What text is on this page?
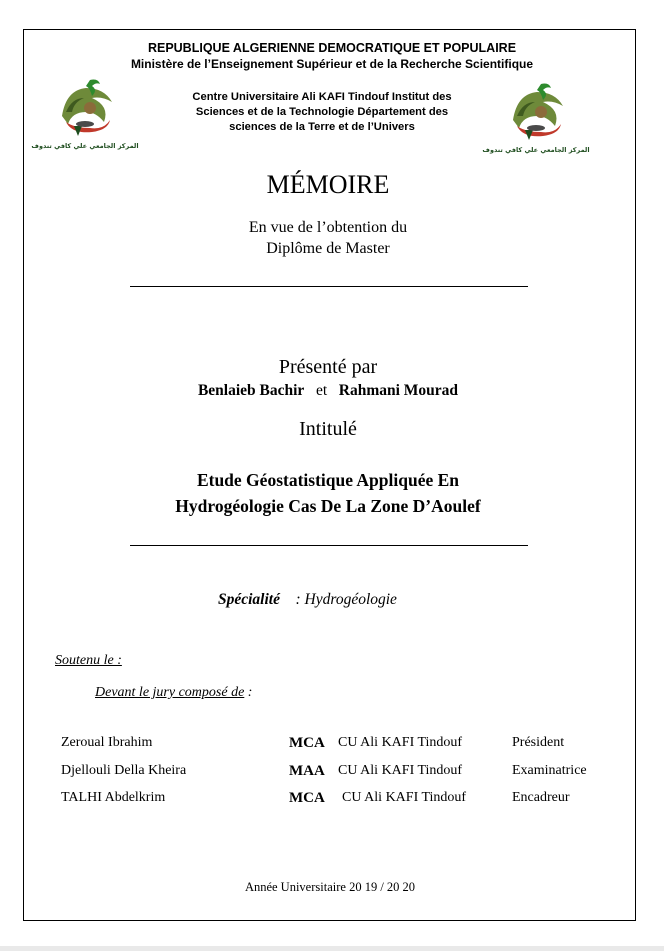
REPUBLIQUE ALGERIENNE DEMOCRATIQUE ET POPULAIRE
Ministère de l’Enseignement Supérieur et de la Recherche Scientifique
Centre Universitaire Ali KAFI Tindouf Institut des
Sciences et de la Technologie Département des
sciences de la Terre et de l’Univers
المركز الجامعي علي كافي تندوف	المركز الجامعي علي كافي تندوف
MÉMOIRE
En vue de l’obtention du
Diplôme de Master
Présenté par
Benlaieb Bachir et Rahmani Mourad
Intitulé
Etude Géostatistique Appliquée En
Hydrogéologie Cas De La Zone D’Aoulef
Spécialité : Hydrogéologie
Soutenu le :
Devant le jury composé de :
Zeroual Ibrahim	MCA CU Ali KAFI Tindouf	Président
Djellouli Della Kheira	MAA CU Ali KAFI Tindouf	Examinatrice
TALHI Abdelkrim	MCA CU Ali KAFI Tindouf	Encadreur
Année Universitaire 20 19 / 20 20
